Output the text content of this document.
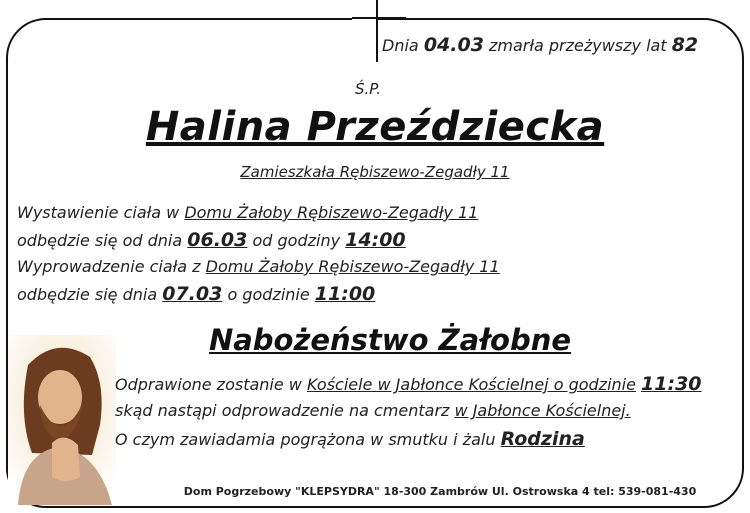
Dnia 04.03 zmarła przeżywszy lat 82
Ś.P.
Halina Przeździecka
Zamieszkała Rębiszewo-Zegadły 11
Wystawienie ciała w Domu Żałoby Rębiszewo-Zegadły 11
odbędzie się od dnia 06.03 od godziny 14:00
Wyprowadzenie ciała z Domu Żałoby Rębiszewo-Zegadły 11
odbędzie się dnia 07.03 o godzinie 11:00
Nabożeństwo Żałobne
Odprawione zostanie w Kościele w Jabłonce Kościelnej o godzinie 11:30
skąd nastąpi odprowadzenie na cmentarz w Jabłonce Kościelnej.
O czym zawiadamia pogrążona w smutku i żalu Rodzina
Dom Pogrzebowy "KLEPSYDRA" 18-300 Zambrów Ul. Ostrowska 4 tel: 539-081-430
